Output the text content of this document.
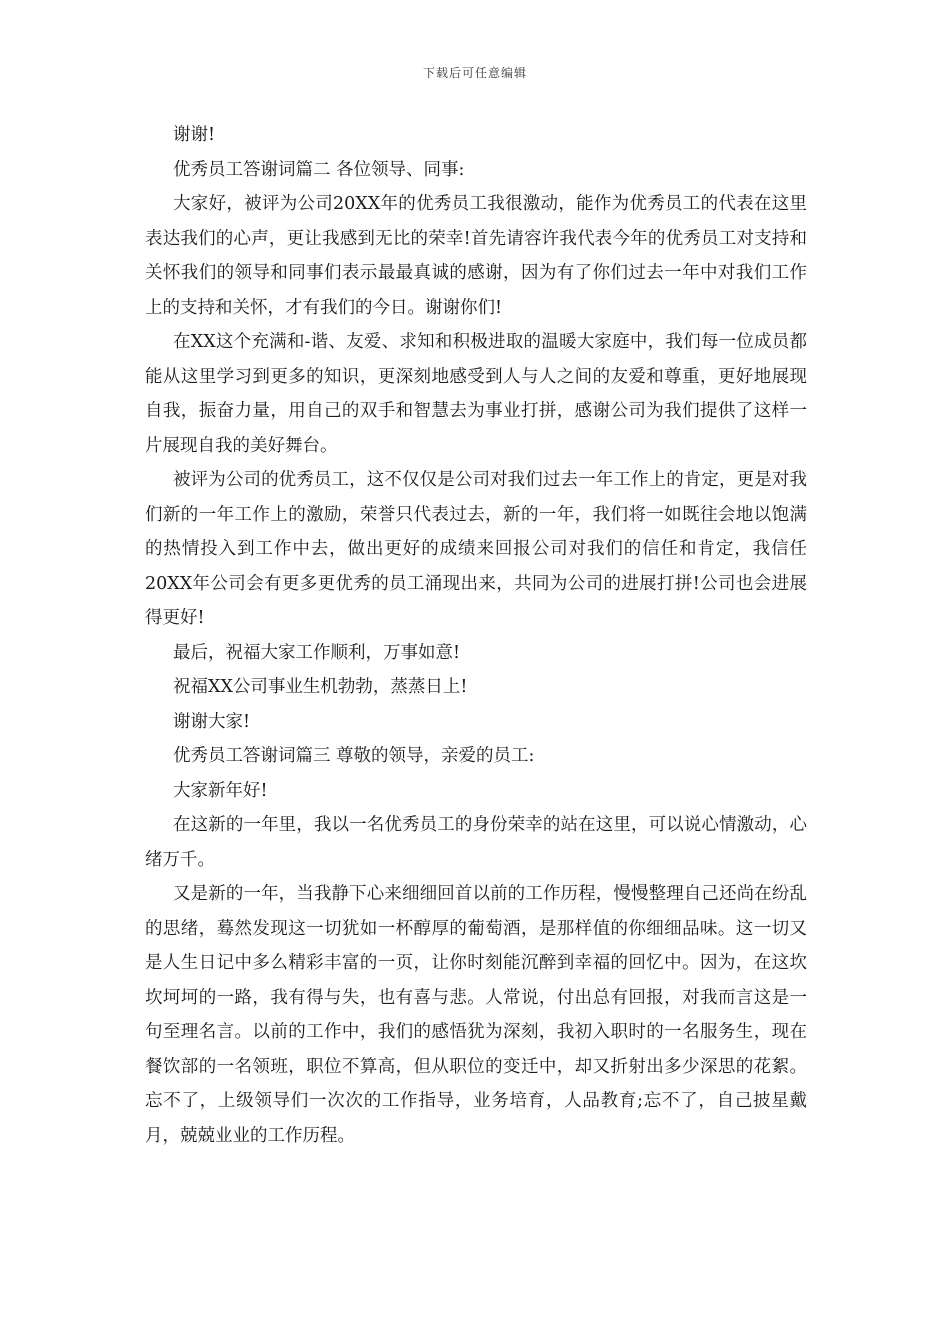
下载后可任意编辑

谢谢!

优秀员工答谢词篇二 各位领导、同事:

大家好，被评为公司20XX年的优秀员工我很激动，能作为优秀员工的代表在这里表达我们的心声，更让我感到无比的荣幸!首先请容许我代表今年的优秀员工对支持和关怀我们的领导和同事们表示最最真诚的感谢，因为有了你们过去一年中对我们工作上的支持和关怀，才有我们的今日。谢谢你们!

在XX这个充满和-谐、友爱、求知和积极进取的温暖大家庭中，我们每一位成员都能从这里学习到更多的知识，更深刻地感受到人与人之间的友爱和尊重，更好地展现自我，振奋力量，用自己的双手和智慧去为事业打拼，感谢公司为我们提供了这样一片展现自我的美好舞台。

被评为公司的优秀员工，这不仅仅是公司对我们过去一年工作上的肯定，更是对我们新的一年工作上的激励，荣誉只代表过去，新的一年，我们将一如既往会地以饱满的热情投入到工作中去，做出更好的成绩来回报公司对我们的信任和肯定，我信任20XX年公司会有更多更优秀的员工涌现出来，共同为公司的进展打拼!公司也会进展得更好!

最后，祝福大家工作顺利，万事如意!

祝福XX公司事业生机勃勃，蒸蒸日上!

谢谢大家!

优秀员工答谢词篇三 尊敬的领导，亲爱的员工:

大家新年好!

在这新的一年里，我以一名优秀员工的身份荣幸的站在这里，可以说心情激动，心绪万千。

又是新的一年，当我静下心来细细回首以前的工作历程，慢慢整理自己还尚在纷乱的思绪，蓦然发现这一切犹如一杯醇厚的葡萄酒，是那样值的你细细品味。这一切又是人生日记中多么精彩丰富的一页，让你时刻能沉醉到幸福的回忆中。因为，在这坎坎坷坷的一路，我有得与失，也有喜与悲。人常说，付出总有回报，对我而言这是一句至理名言。以前的工作中，我们的感悟犹为深刻，我初入职时的一名服务生，现在餐饮部的一名领班，职位不算高，但从职位的变迁中，却又折射出多少深思的花絮。忘不了，上级领导们一次次的工作指导，业务培育，人品教育;忘不了，自己披星戴月，兢兢业业的工作历程。
